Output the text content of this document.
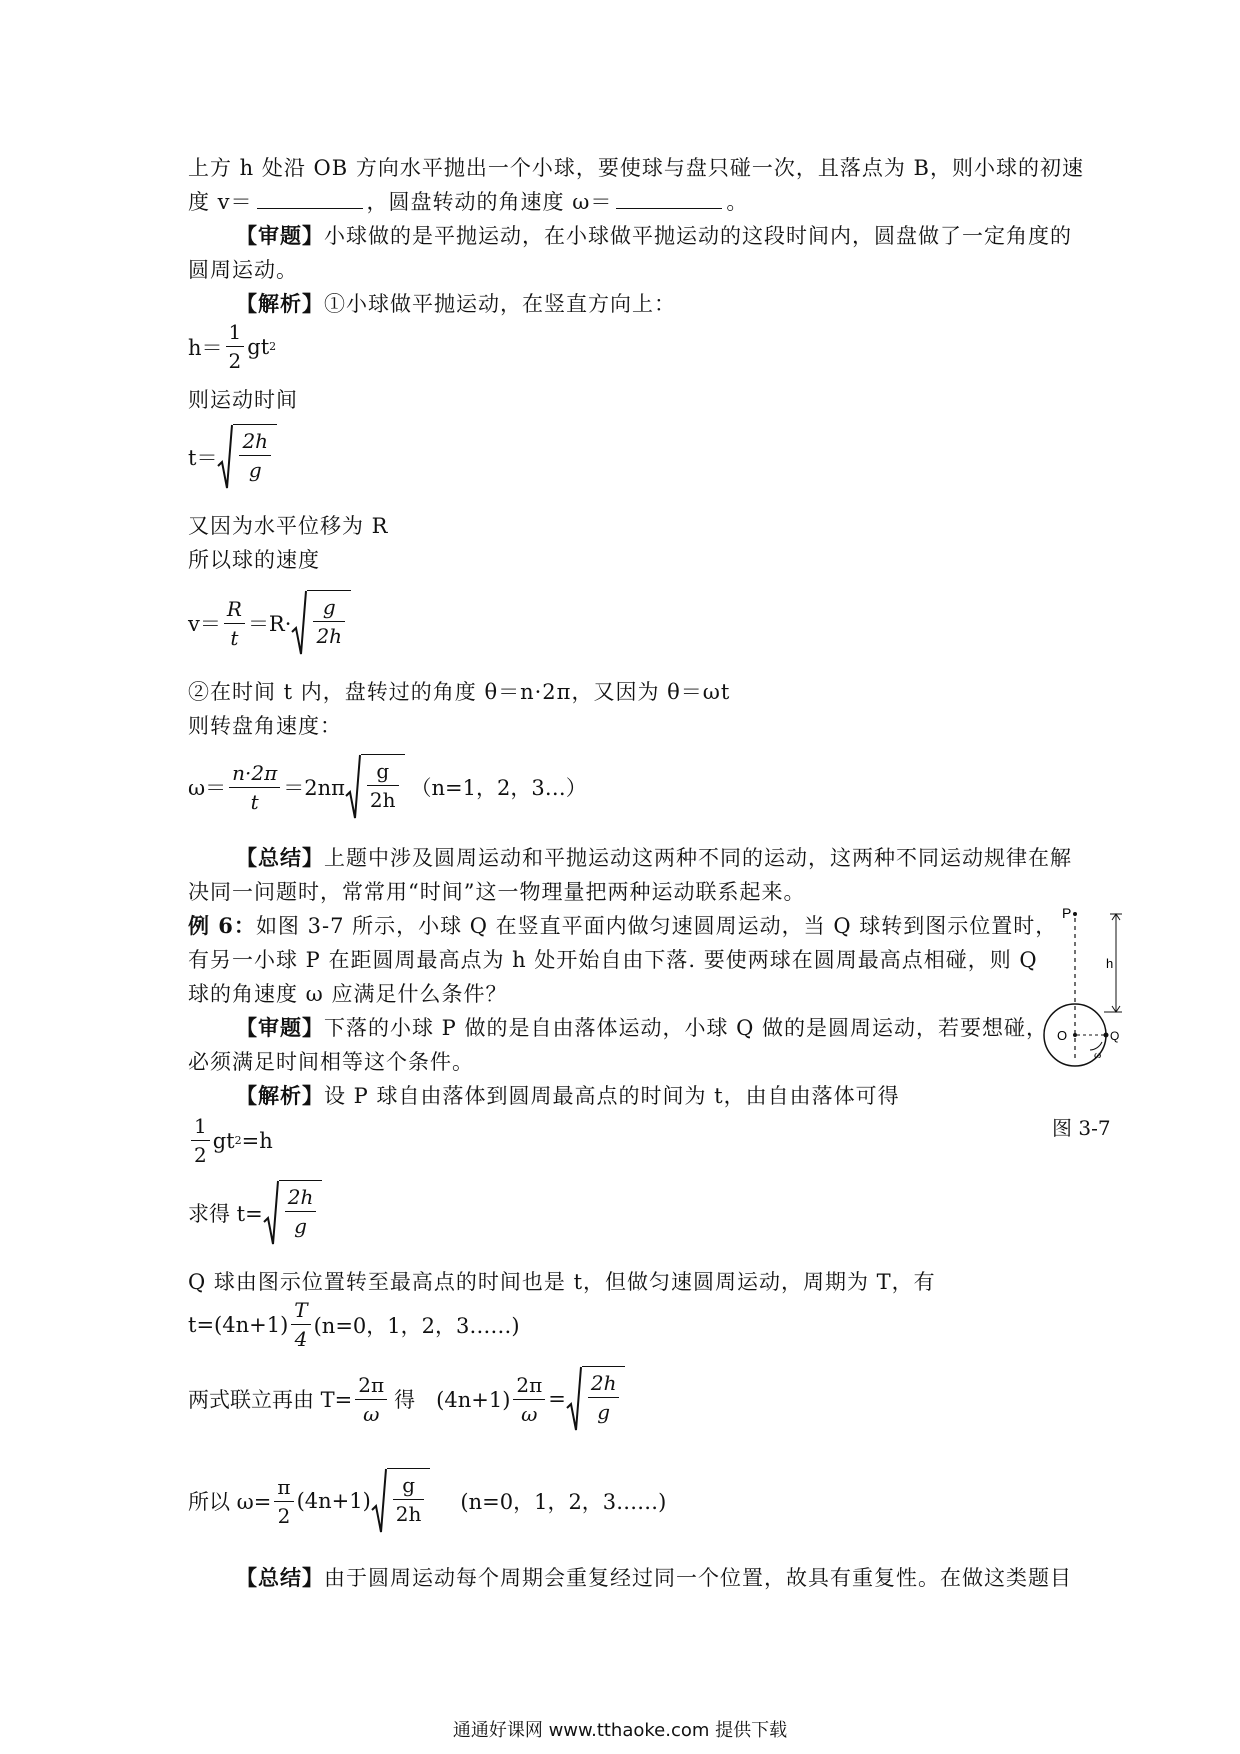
上方 h 处沿 OB 方向水平抛出一个小球，要使球与盘只碰一次，且落点为 B，则小球的初速
度 v＝	，圆盘转动的角速度 ω＝	。
【审题】小球做的是平抛运动，在小球做平抛运动的这段时间内，圆盘做了一定角度的
圆周运动。
【解析】①小球做平抛运动，在竖直方向上：
$h= \frac{1}{2}$ gt 2
则运动时间
$t= \frac{2h}{g}$
又因为水平位移为 R
所以球的速度
$v= \frac{R}{t} =R\cdot \frac{g}{2h}$
②在时间 t 内，盘转过的角度 θ＝n·2π，又因为 θ＝ωt
则转盘角速度：
$\omega= \frac{n\cdot 2\pi}{t} =2n\pi \frac{g}{2h} (n=1$，2，3…）
【总结】上题中涉及圆周运动和平抛运动这两种不同的运动，这两种不同运动规律在解
决同一问题时，常常用“时间”这一物理量把两种运动联系起来。
例 6：如图 3-7 所示，小球 Q 在竖直平面内做匀速圆周运动，当 Q 球转到图示位置时，
有另一小球 P 在距圆周最高点为 h 处开始自由下落. 要使两球在圆周最高点相碰，则 Q
球的角速度 ω 应满足什么条件？
【审题】下落的小球 P 做的是自由落体运动，小球 Q 做的是圆周运动，若要想碰，
必须满足时间相等这个条件。
【解析】设 P 球自由落体到圆周最高点的时间为 t，由自由落体可得
$\frac{1}{2}$ gt 2 =h
求得 $t= \frac{2h}{g}$
Q 球由图示位置转至最高点的时间也是 t，但做匀速圆周运动，周期为 T，有
$t=(4n+1) \frac{T}{4} (n=0$，1，2，3……)
两式联立再由 $T= \frac{2\pi}{\omega}$ 得　$(4n+1) \frac{2\pi}{\omega} = \frac{2h}{g}$
所以 $\omega= \frac{\pi}{2} (4n+1) \frac{g}{2h} (n=0$，1，2，3……)
【总结】由于圆周运动每个周期会重复经过同一个位置，故具有重复性。在做这类题目
P
h
O	Q
ω
图 3-7
通通好课网 www.tthaoke.com 提供下载
